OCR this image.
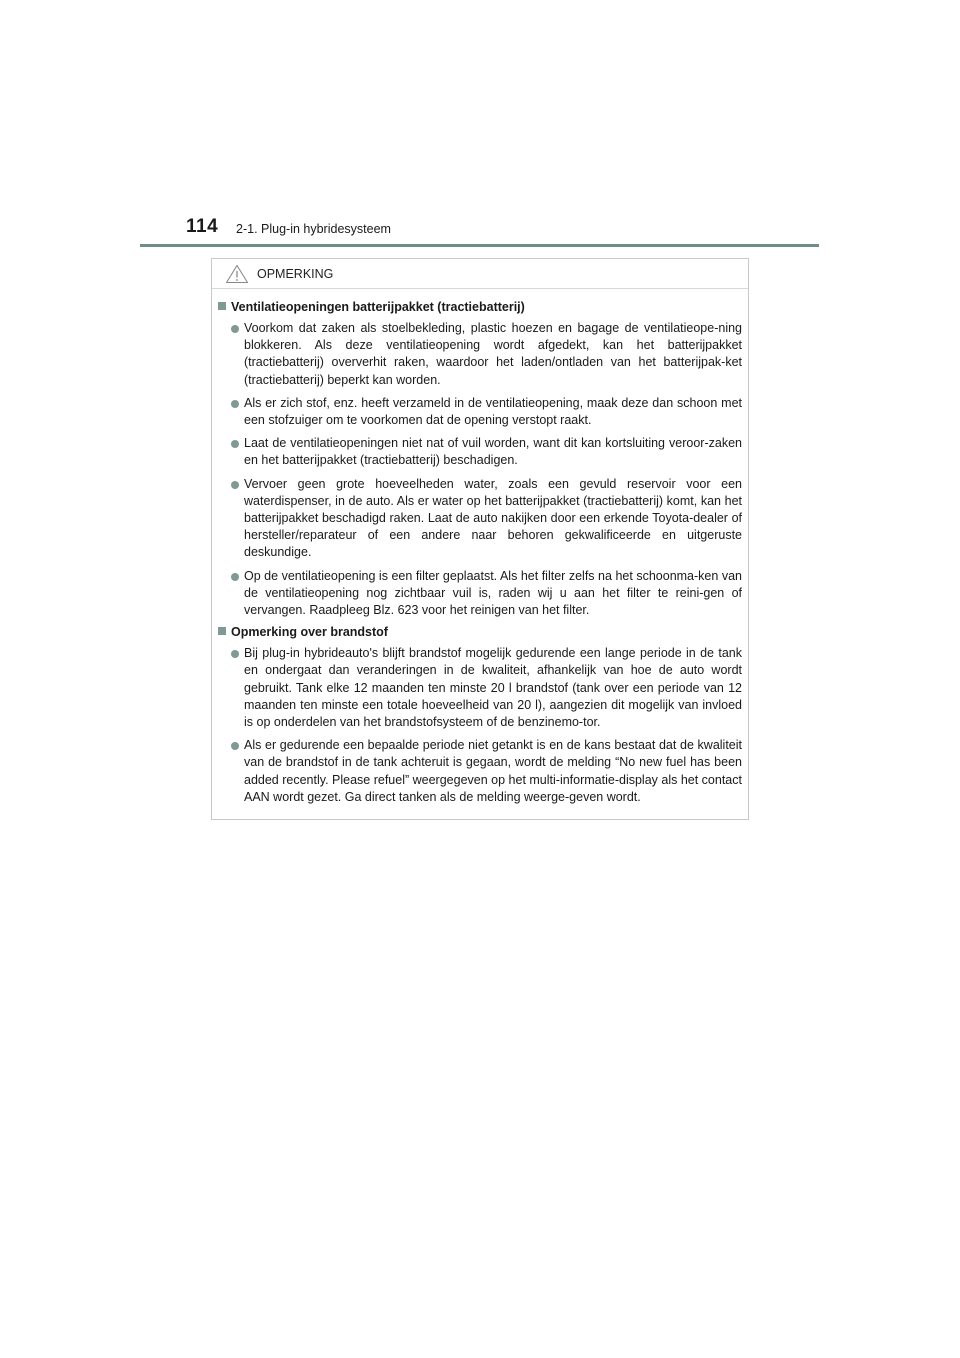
114 2-1. Plug-in hybridesysteem
OPMERKING
Ventilatieopeningen batterijpakket (tractiebatterij)
Voorkom dat zaken als stoelbekleding, plastic hoezen en bagage de ventilatieope-ning blokkeren. Als deze ventilatieopening wordt afgedekt, kan het batterijpakket (tractiebatterij) oververhit raken, waardoor het laden/ontladen van het batterijpak-ket (tractiebatterij) beperkt kan worden.
Als er zich stof, enz. heeft verzameld in de ventilatieopening, maak deze dan schoon met een stofzuiger om te voorkomen dat de opening verstopt raakt.
Laat de ventilatieopeningen niet nat of vuil worden, want dit kan kortsluiting veroor-zaken en het batterijpakket (tractiebatterij) beschadigen.
Vervoer geen grote hoeveelheden water, zoals een gevuld reservoir voor een waterdispenser, in de auto. Als er water op het batterijpakket (tractiebatterij) komt, kan het batterijpakket beschadigd raken. Laat de auto nakijken door een erkende Toyota-dealer of hersteller/reparateur of een andere naar behoren gekwalificeerde en uitgeruste deskundige.
Op de ventilatieopening is een filter geplaatst. Als het filter zelfs na het schoonma-ken van de ventilatieopening nog zichtbaar vuil is, raden wij u aan het filter te reini-gen of vervangen. Raadpleeg Blz. 623 voor het reinigen van het filter.
Opmerking over brandstof
Bij plug-in hybrideauto's blijft brandstof mogelijk gedurende een lange periode in de tank en ondergaat dan veranderingen in de kwaliteit, afhankelijk van hoe de auto wordt gebruikt. Tank elke 12 maanden ten minste 20 l brandstof (tank over een periode van 12 maanden ten minste een totale hoeveelheid van 20 l), aangezien dit mogelijk van invloed is op onderdelen van het brandstofsysteem of de benzinemo-tor.
Als er gedurende een bepaalde periode niet getankt is en de kans bestaat dat de kwaliteit van de brandstof in de tank achteruit is gegaan, wordt de melding “No new fuel has been added recently. Please refuel” weergegeven op het multi-informatie-display als het contact AAN wordt gezet. Ga direct tanken als de melding weerge-geven wordt.
